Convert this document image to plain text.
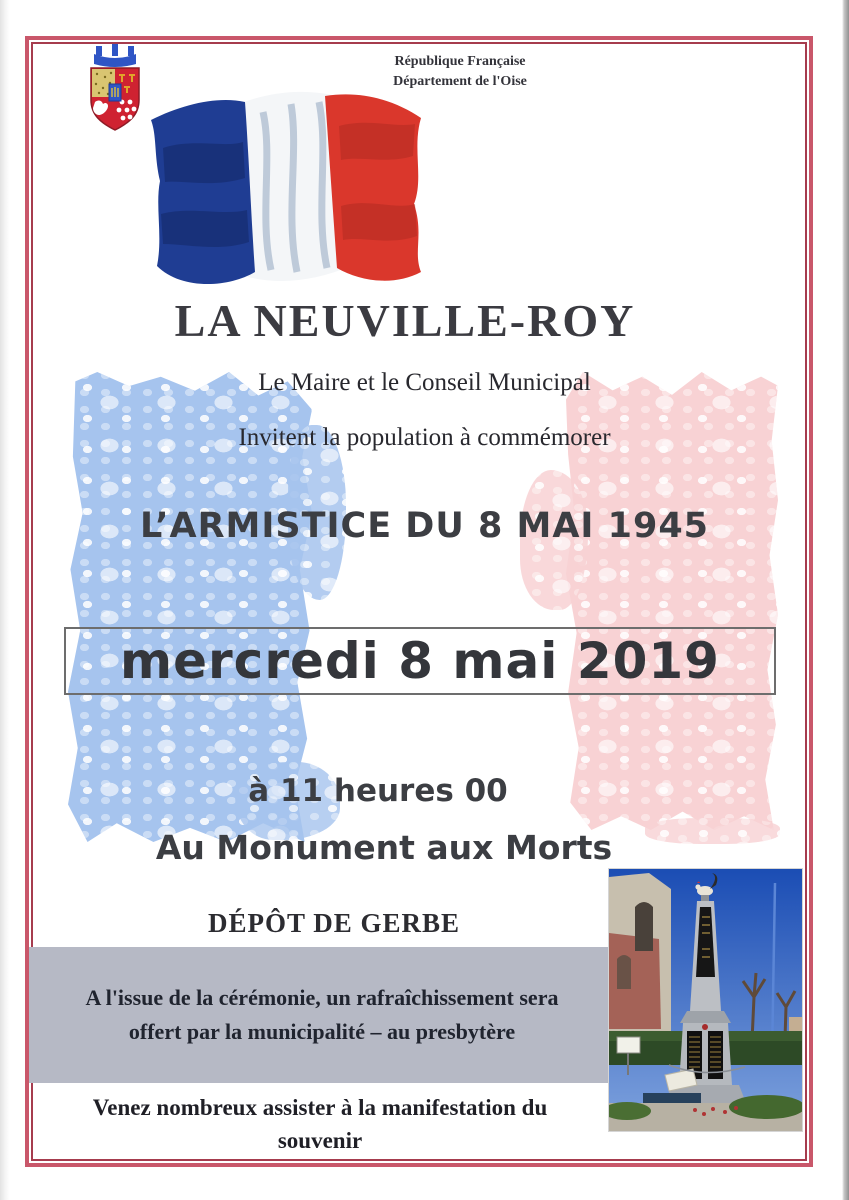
République Française
Département de l'Oise
LA NEUVILLE-ROY
Le Maire et le Conseil Municipal
Invitent la population à commémorer
L’ARMISTICE DU 8 MAI 1945
mercredi 8 mai 2019
à 11 heures 00
Au Monument aux Morts
DÉPÔT DE GERBE
A l'issue de la cérémonie, un rafraîchissement sera
offert par la municipalité – au presbytère
Venez nombreux assister à la manifestation du
souvenir
